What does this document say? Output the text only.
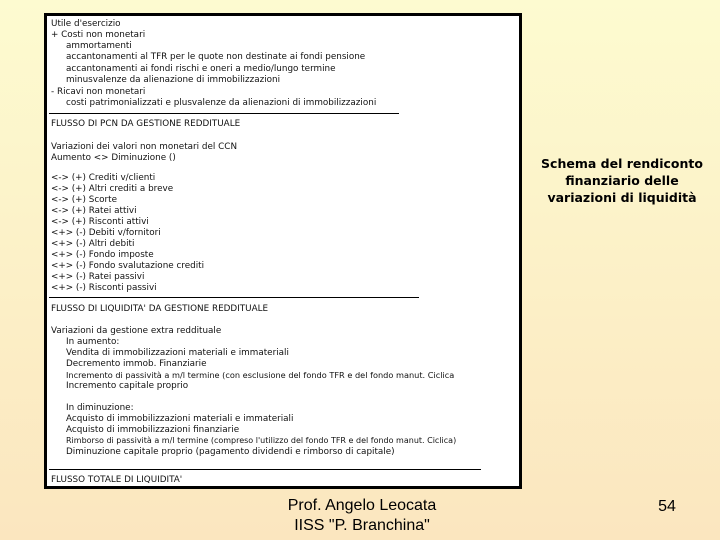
Utile d'esercizio
+ Costi non monetari
ammortamenti
accantonamenti al TFR per le quote non destinate ai fondi pensione
accantonamenti ai fondi rischi e oneri a medio/lungo termine
minusvalenze da alienazione di immobilizzazioni
- Ricavi non monetari
costi patrimonializzati e plusvalenze da alienazioni di immobilizzazioni
FLUSSO DI PCN DA GESTIONE REDDITUALE
Variazioni dei valori non monetari del CCN
Aumento <> Diminuzione ()
<-> (+) Crediti v/clienti
<-> (+) Altri crediti a breve
<-> (+) Scorte
<-> (+) Ratei attivi
<-> (+) Risconti attivi
<+> (-) Debiti v/fornitori
<+> (-) Altri debiti
<+> (-) Fondo imposte
<+> (-) Fondo svalutazione crediti
<+> (-) Ratei passivi
<+> (-) Risconti passivi
FLUSSO DI LIQUIDITA' DA GESTIONE REDDITUALE
Variazioni da gestione extra reddituale
In aumento:
Vendita di immobilizzazioni materiali e immateriali
Decremento immob. Finanziarie
Incremento di passività a m/l termine (con esclusione del fondo TFR e del fondo manut. Ciclica
Incremento capitale proprio
In diminuzione:
Acquisto di immobilizzazioni materiali e immateriali
Acquisto di immobilizzazioni finanziarie
Rimborso di passività a m/l termine (compreso l'utilizzo del fondo TFR e del fondo manut. Ciclica)
Diminuzione capitale proprio (pagamento dividendi e rimborso di capitale)
FLUSSO TOTALE DI LIQUIDITA'
Schema del rendiconto finanziario delle variazioni di liquidità
Prof. Angelo Leocata
IISS "P. Branchina"
54
